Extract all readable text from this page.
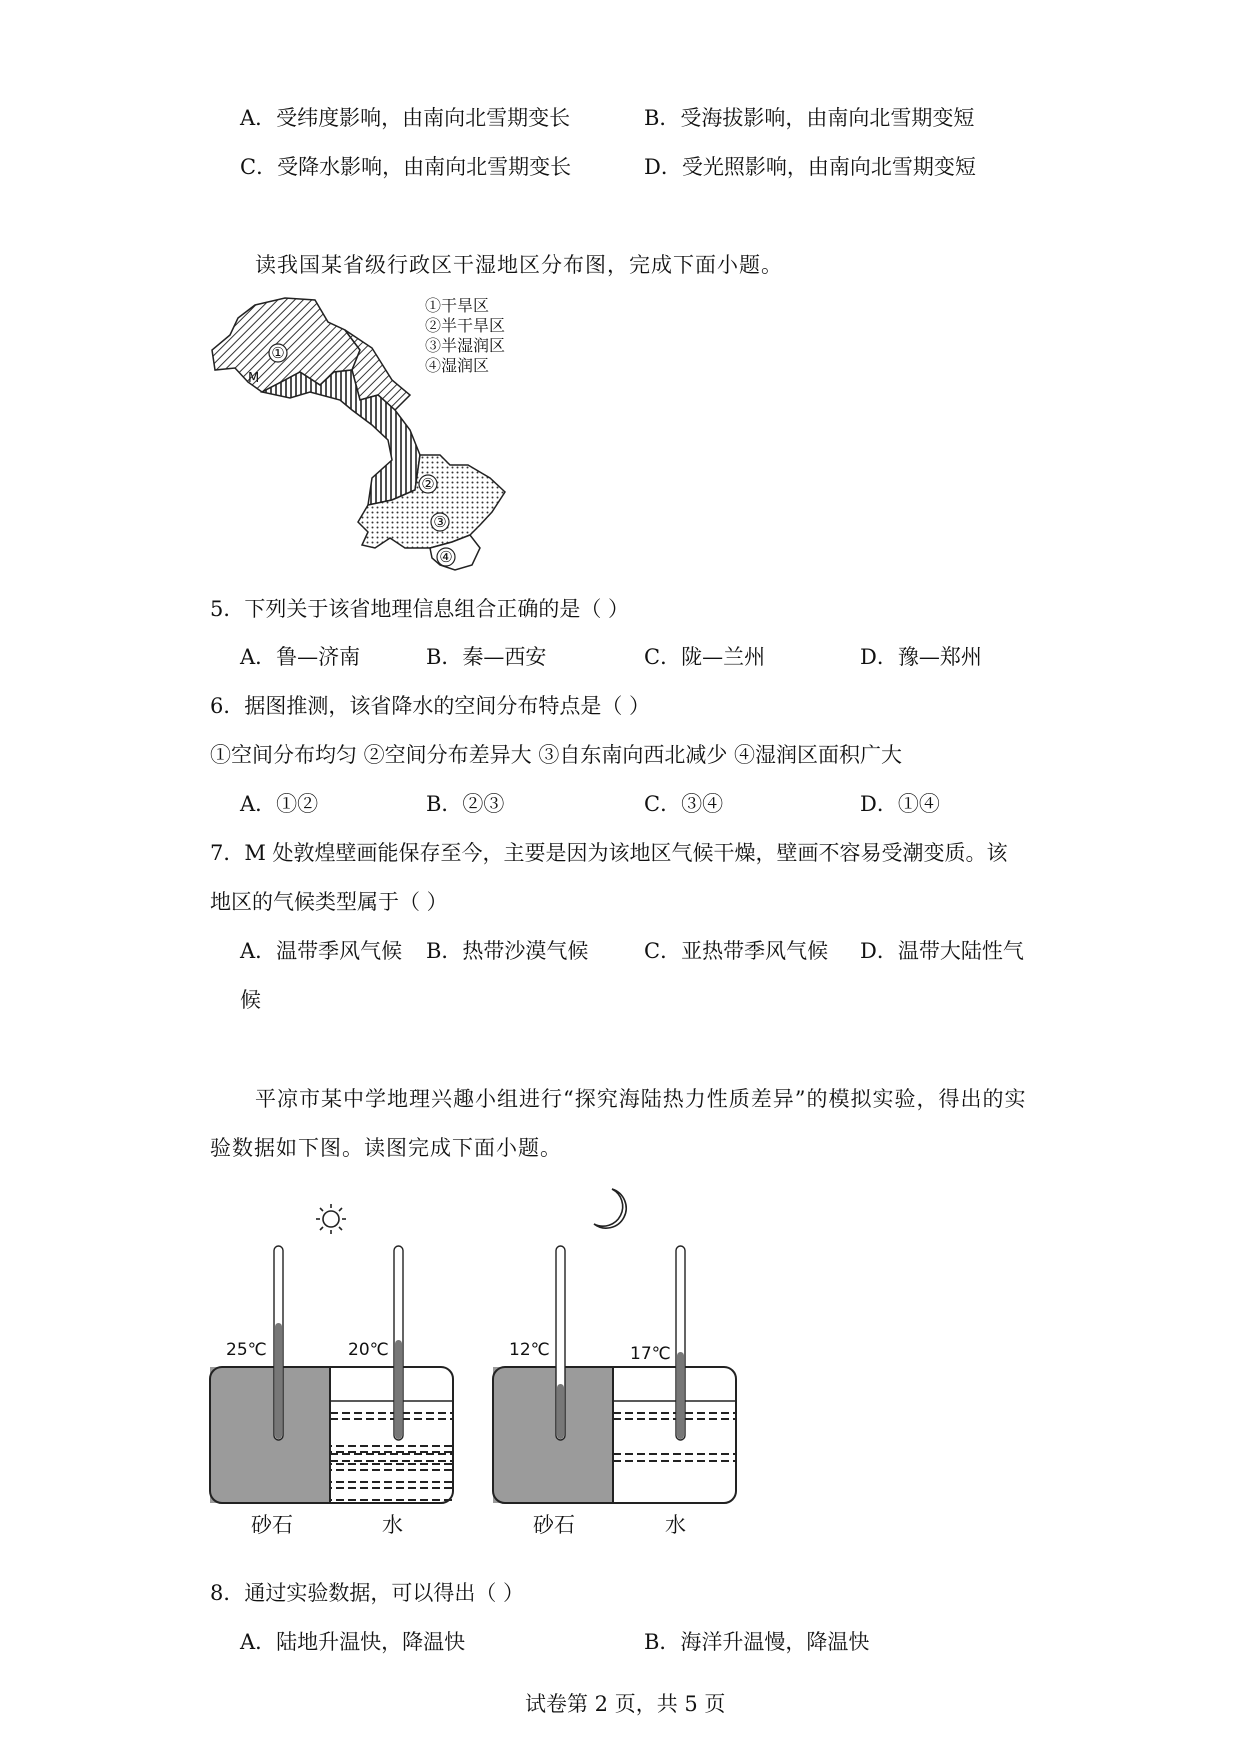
A．受纬度影响，由南向北雪期变长	B．受海拔影响，由南向北雪期变短
C．受降水影响，由南向北雪期变长	D．受光照影响，由南向北雪期变短
读我国某省级行政区干湿地区分布图，完成下面小题。
①
②
③
④
M
①干旱区
②半干旱区
③半湿润区
④湿润区
5．下列关于该省地理信息组合正确的是（ ）
A．鲁—济南	B．秦—西安	C．陇—兰州	D．豫—郑州
6．据图推测，该省降水的空间分布特点是（ ）
①空间分布均匀 ②空间分布差异大 ③自东南向西北减少 ④湿润区面积广大
A．①②	B．②③	C．③④	D．①④
7．M 处敦煌壁画能保存至今，主要是因为该地区气候干燥，壁画不容易受潮变质。该
地区的气候类型属于（ ）
A．温带季风气候 B．热带沙漠气候	C．亚热带季风气候 D．温带大陆性气
候
平凉市某中学地理兴趣小组进行“探究海陆热力性质差异”的模拟实验，得出的实
验数据如下图。读图完成下面小题。
25℃	20℃	12℃	17℃
砂石	水	砂石	水
8．通过实验数据，可以得出（ ）
A．陆地升温快，降温快	B．海洋升温慢，降温快
试卷第 2 页，共 5 页
